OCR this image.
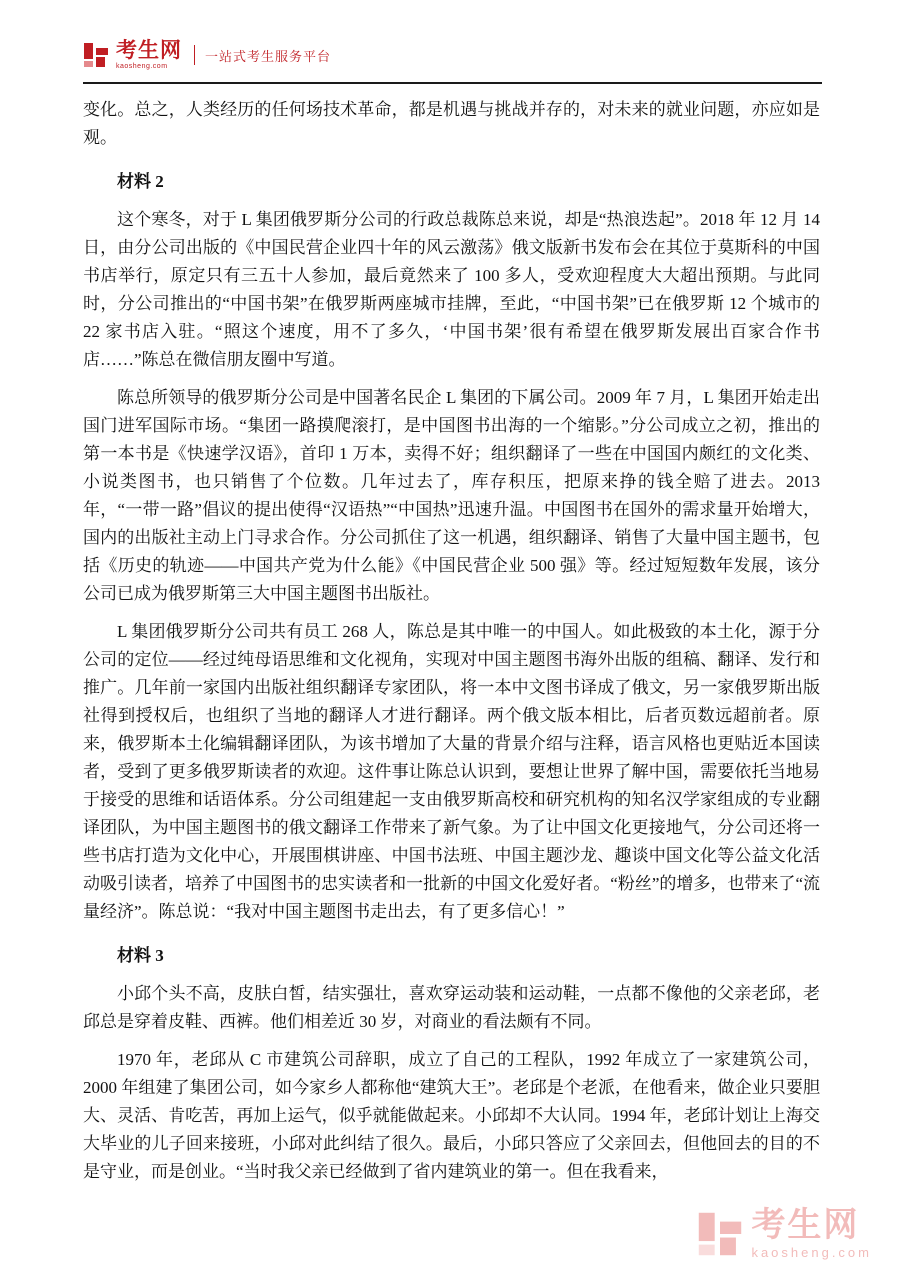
考生网
kaosheng.com
一站式考生服务平台

变化。总之，人类经历的任何场技术革命，都是机遇与挑战并存的，对未来的就业问题，亦应如是观。

材料 2

这个寒冬，对于 L 集团俄罗斯分公司的行政总裁陈总来说，却是“热浪迭起”。2018 年 12 月 14 日，由分公司出版的《中国民营企业四十年的风云激荡》俄文版新书发布会在其位于莫斯科的中国书店举行，原定只有三五十人参加，最后竟然来了 100 多人，受欢迎程度大大超出预期。与此同时，分公司推出的“中国书架”在俄罗斯两座城市挂牌，至此，“中国书架”已在俄罗斯 12 个城市的 22 家书店入驻。“照这个速度，用不了多久，‘中国书架’很有希望在俄罗斯发展出百家合作书店……”陈总在微信朋友圈中写道。

陈总所领导的俄罗斯分公司是中国著名民企 L 集团的下属公司。2009 年 7 月，L 集团开始走出国门进军国际市场。“集团一路摸爬滚打，是中国图书出海的一个缩影。”分公司成立之初，推出的第一本书是《快速学汉语》，首印 1 万本，卖得不好；组织翻译了一些在中国国内颇红的文化类、小说类图书，也只销售了个位数。几年过去了，库存积压，把原来挣的钱全赔了进去。2013 年，“一带一路”倡议的提出使得“汉语热”“中国热”迅速升温。中国图书在国外的需求量开始增大，国内的出版社主动上门寻求合作。分公司抓住了这一机遇，组织翻译、销售了大量中国主题书，包括《历史的轨迹——中国共产党为什么能》《中国民营企业 500 强》等。经过短短数年发展，该分公司已成为俄罗斯第三大中国主题图书出版社。

L 集团俄罗斯分公司共有员工 268 人，陈总是其中唯一的中国人。如此极致的本土化，源于分公司的定位——经过纯母语思维和文化视角，实现对中国主题图书海外出版的组稿、翻译、发行和推广。几年前一家国内出版社组织翻译专家团队，将一本中文图书译成了俄文，另一家俄罗斯出版社得到授权后，也组织了当地的翻译人才进行翻译。两个俄文版本相比，后者页数远超前者。原来，俄罗斯本土化编辑翻译团队，为该书增加了大量的背景介绍与注释，语言风格也更贴近本国读者，受到了更多俄罗斯读者的欢迎。这件事让陈总认识到，要想让世界了解中国，需要依托当地易于接受的思维和话语体系。分公司组建起一支由俄罗斯高校和研究机构的知名汉学家组成的专业翻译团队，为中国主题图书的俄文翻译工作带来了新气象。为了让中国文化更接地气，分公司还将一些书店打造为文化中心，开展围棋讲座、中国书法班、中国主题沙龙、趣谈中国文化等公益文化活动吸引读者，培养了中国图书的忠实读者和一批新的中国文化爱好者。“粉丝”的增多，也带来了“流量经济”。陈总说：“我对中国主题图书走出去，有了更多信心！”

材料 3

小邱个头不高，皮肤白皙，结实强壮，喜欢穿运动装和运动鞋，一点都不像他的父亲老邱，老邱总是穿着皮鞋、西裤。他们相差近 30 岁，对商业的看法颇有不同。

1970 年，老邱从 C 市建筑公司辞职，成立了自己的工程队，1992 年成立了一家建筑公司，2000 年组建了集团公司，如今家乡人都称他“建筑大王”。老邱是个老派，在他看来，做企业只要胆大、灵活、肯吃苦，再加上运气，似乎就能做起来。小邱却不大认同。1994 年，老邱计划让上海交大毕业的儿子回来接班，小邱对此纠结了很久。最后，小邱只答应了父亲回去，但他回去的目的不是守业，而是创业。“当时我父亲已经做到了省内建筑业的第一。但在我看来，

考生网
kaosheng.com
